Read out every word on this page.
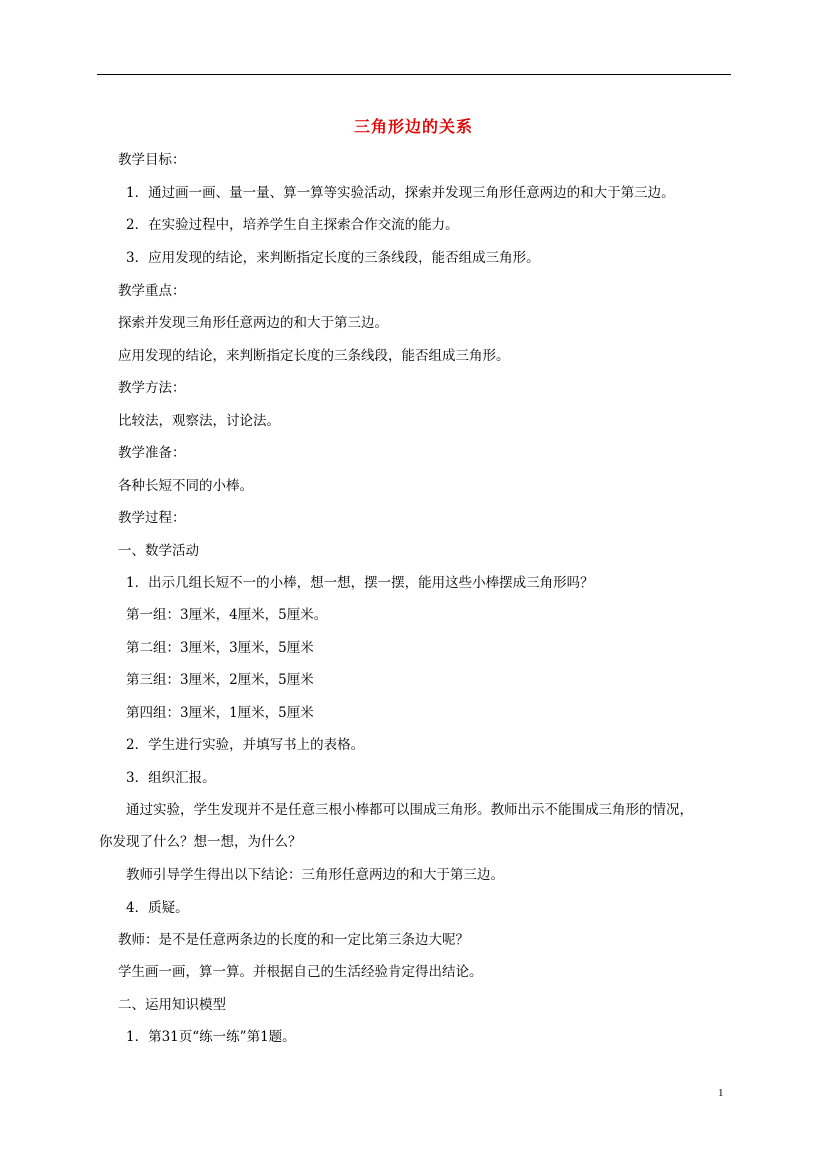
三角形边的关系
教学目标：
1．通过画一画、量一量、算一算等实验活动，探索并发现三角形任意两边的和大于第三边。
2．在实验过程中，培养学生自主探索合作交流的能力。
3．应用发现的结论，来判断指定长度的三条线段，能否组成三角形。
教学重点：
探索并发现三角形任意两边的和大于第三边。
应用发现的结论，来判断指定长度的三条线段，能否组成三角形。
教学方法：
比较法，观察法，讨论法。
教学准备：
各种长短不同的小棒。
教学过程：
一、数学活动
1．出示几组长短不一的小棒，想一想，摆一摆，能用这些小棒摆成三角形吗？
第一组：3厘米，4厘米，5厘米。
第二组：3厘米，3厘米，5厘米
第三组：3厘米，2厘米，5厘米
第四组：3厘米，1厘米，5厘米
2．学生进行实验，并填写书上的表格。
3．组织汇报。
通过实验，学生发现并不是任意三根小棒都可以围成三角形。教师出示不能围成三角形的情况，
你发现了什么？想一想，为什么？
教师引导学生得出以下结论：三角形任意两边的和大于第三边。
4．质疑。
教师：是不是任意两条边的长度的和一定比第三条边大呢？
学生画一画，算一算。并根据自己的生活经验肯定得出结论。
二、运用知识模型
1．第31页“练一练”第1题。
1
